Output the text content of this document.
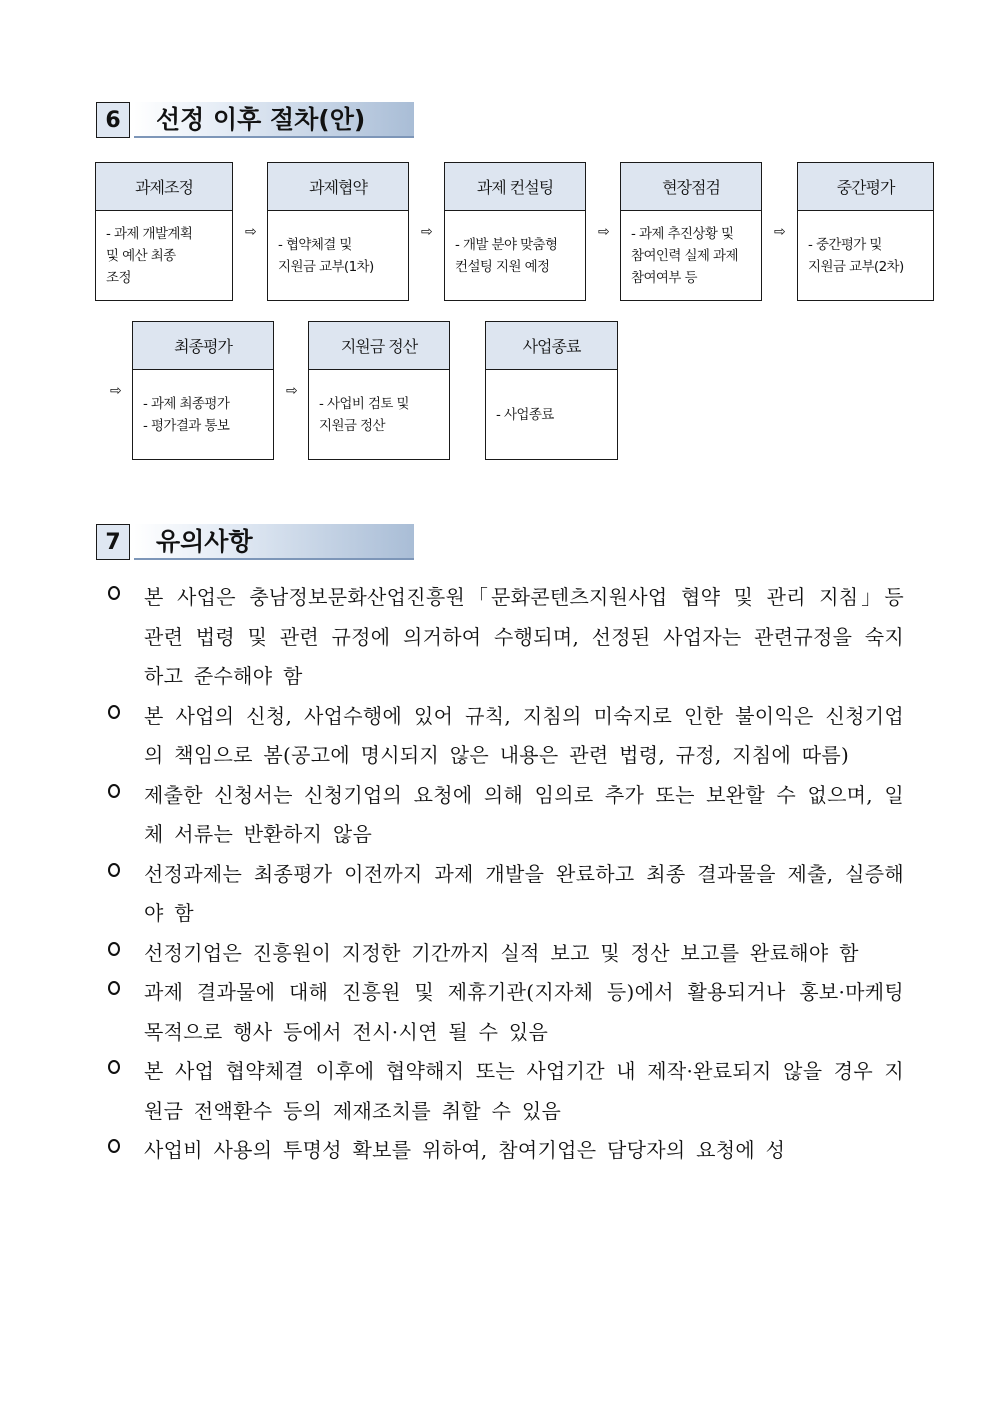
6	선정 이후 절차(안)
과제조정
- 과제 개발계획
및 예산 최종
조정
⇨
과제협약
- 협약체결 및
지원금 교부(1차)
⇨
과제 컨설팅
- 개발 분야 맞춤형
컨설팅 지원 예정
⇨
현장점검
- 과제 추진상황 및
참여인력 실제 과제
참여여부 등
⇨
중간평가
- 중간평가 및
지원금 교부(2차)
⇨
최종평가
- 과제 최종평가
- 평가결과 통보
⇨
지원금 정산
- 사업비 검토 및
지원금 정산
사업종료
- 사업종료
7	유의사항
본 사업은 충남정보문화산업진흥원「문화콘텐츠지원사업 협약 및 관리 지침」등 관련 법령 및 관련 규정에 의거하여 수행되며, 선정된 사업자는 관련규정을 숙지하고 준수해야 함
본 사업의 신청, 사업수행에 있어 규칙, 지침의 미숙지로 인한 불이익은 신청기업의 책임으로 봄(공고에 명시되지 않은 내용은 관련 법령, 규정, 지침에 따름)
제출한 신청서는 신청기업의 요청에 의해 임의로 추가 또는 보완할 수 없으며, 일체 서류는 반환하지 않음
선정과제는 최종평가 이전까지 과제 개발을 완료하고 최종 결과물을 제출, 실증해야 함
선정기업은 진흥원이 지정한 기간까지 실적 보고 및 정산 보고를 완료해야 함
과제 결과물에 대해 진흥원 및 제휴기관(지자체 등)에서 활용되거나 홍보·마케팅 목적으로 행사 등에서 전시·시연 될 수 있음
본 사업 협약체결 이후에 협약해지 또는 사업기간 내 제작·완료되지 않을 경우 지원금 전액환수 등의 제재조치를 취할 수 있음
사업비 사용의 투명성 확보를 위하여, 참여기업은 담당자의 요청에 성
